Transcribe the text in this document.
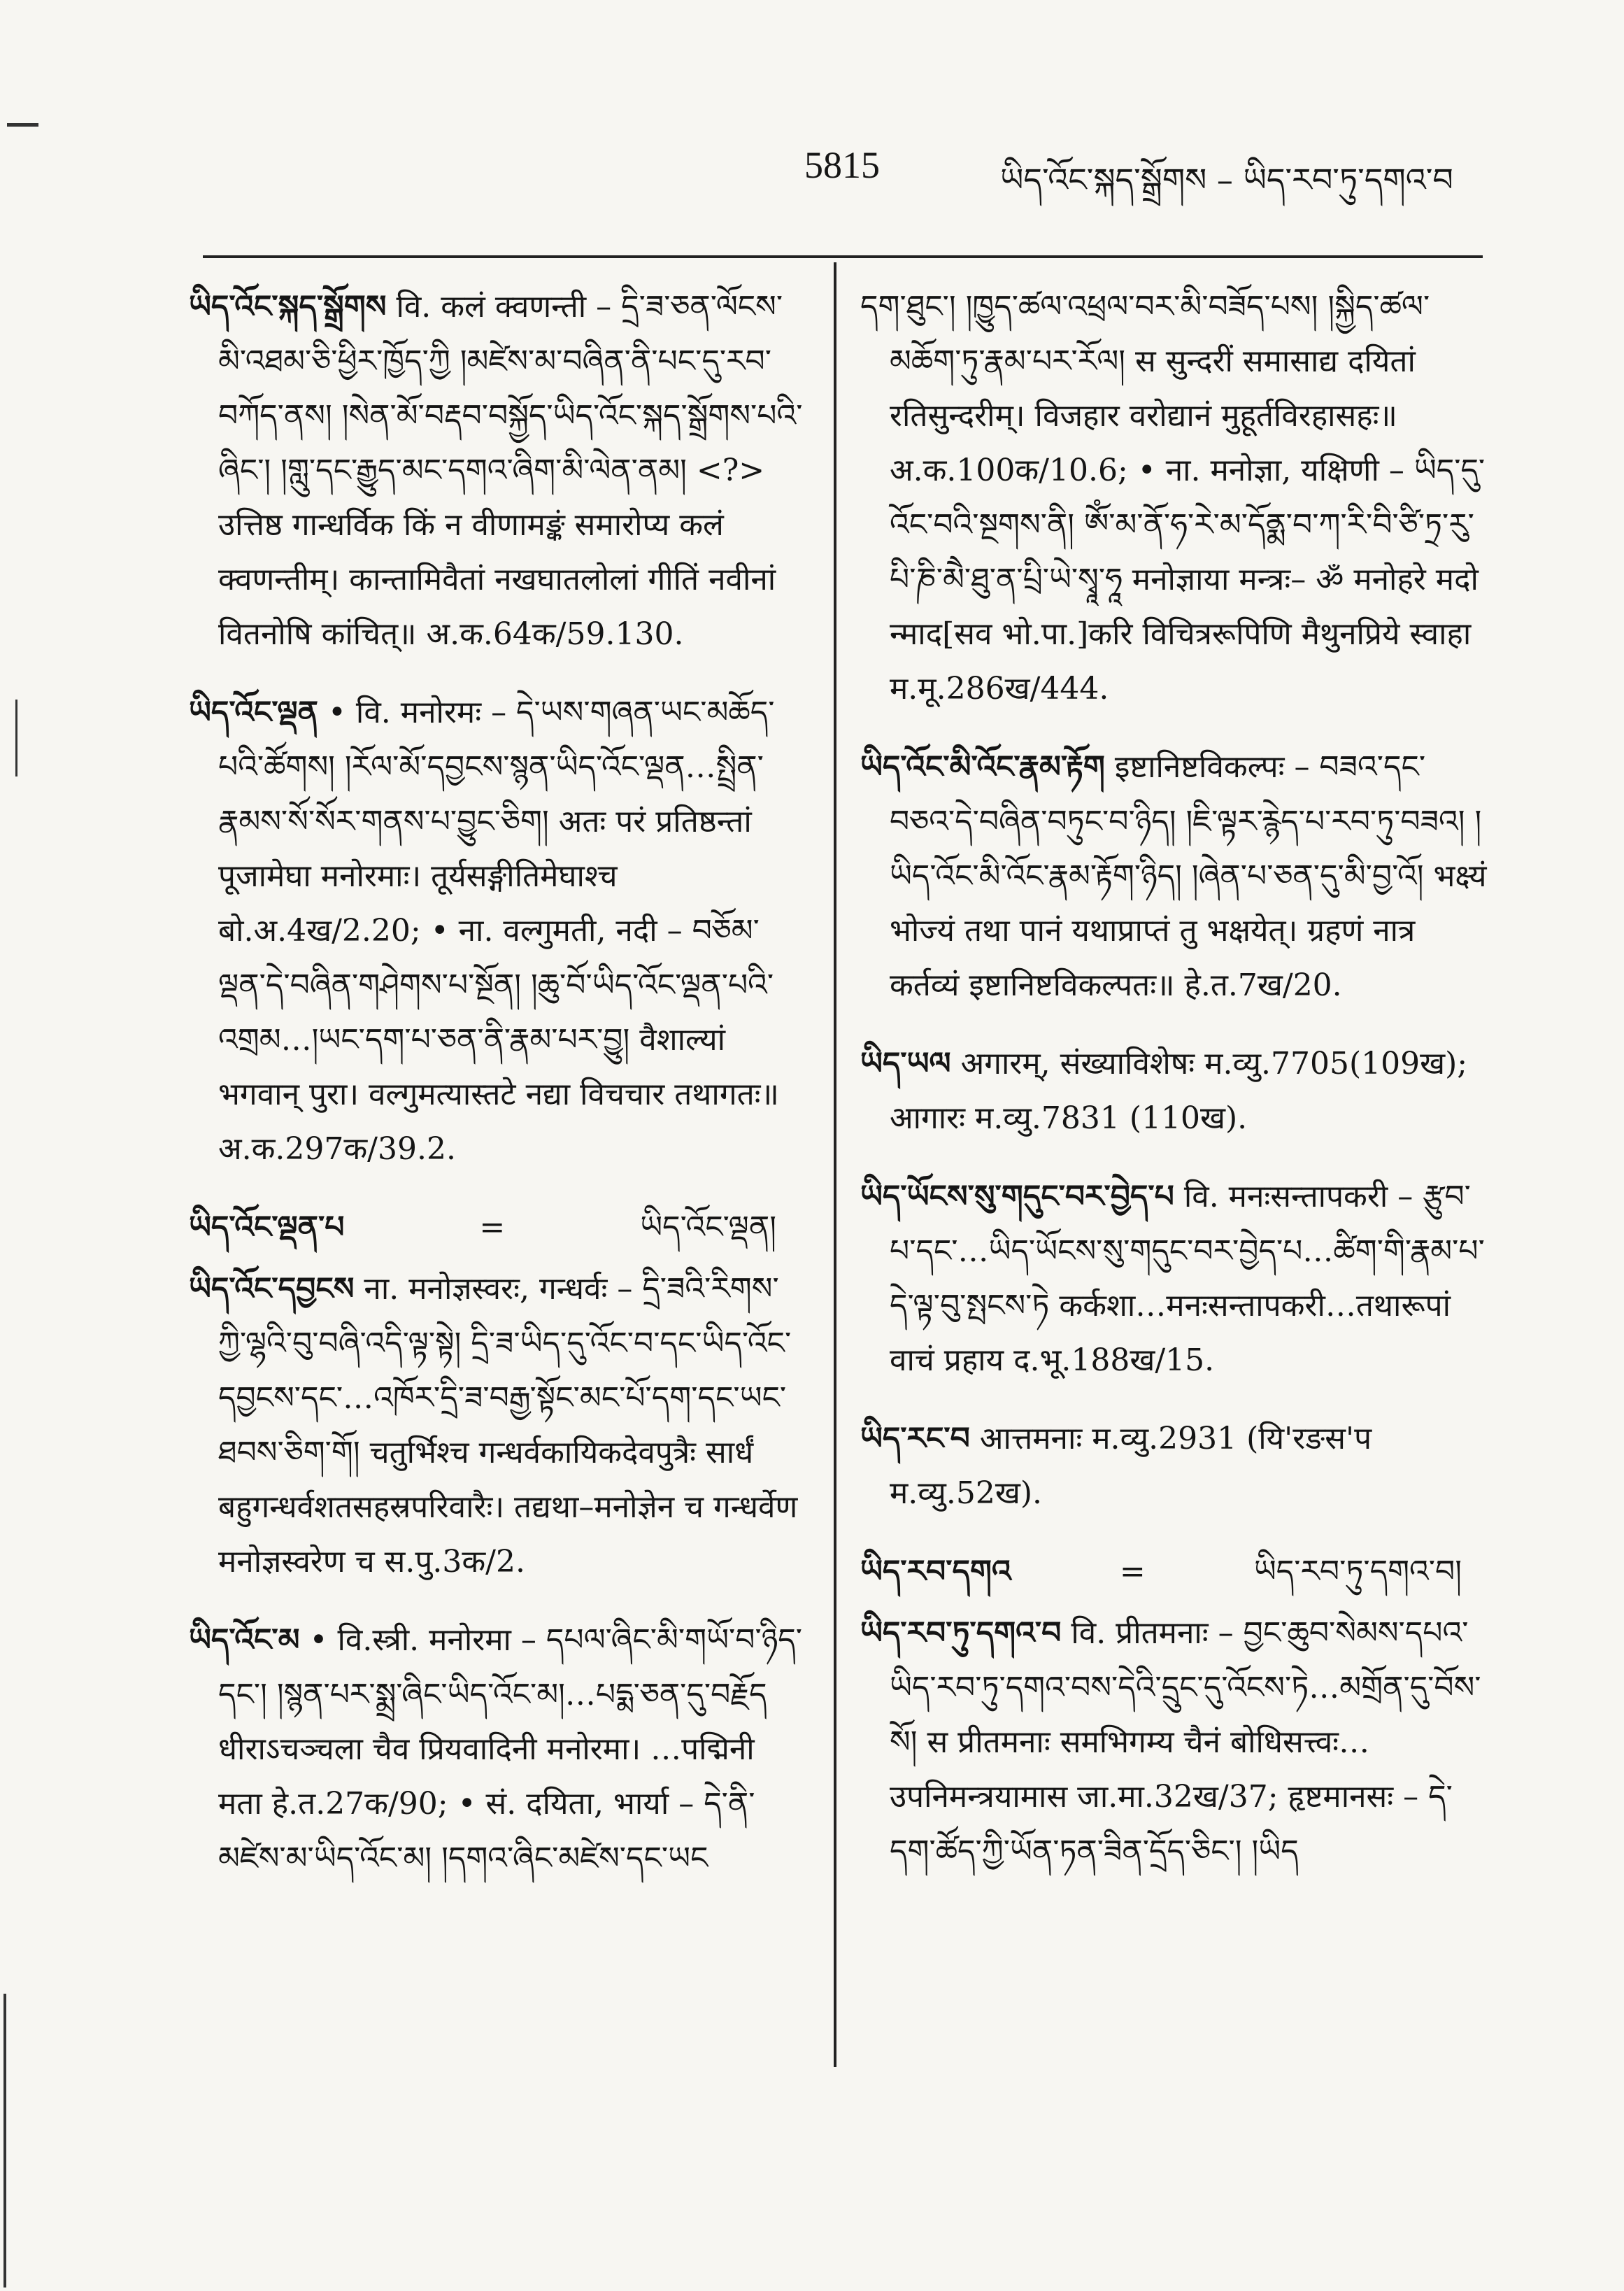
5815	ཡིད་འོང་སྐད་སྒྲོགས – ཡིད་རབ་ཏུ་དགའ་བ

ཡིད་འོང་སྐད་སྒྲོགས वि. कलं क्वणन्ती – དྲི་ཟ་ཅན་ལོངས་མི་འཐམ་ཅི་ཕྱིར་ཁྱོད་ཀྱི །མཛེས་མ་བཞིན་ནི་པང་དུ་རབ་བཀོད་ནས། །སེན་མོ་བརྡབ་བསྐྱོད་ཡིད་འོང་སྐད་སྒྲོགས་པའི་ཞིང་། །གླུ་དང་རྒྱུད་མང་དགའ་ཞིག་མི་ལེན་ནམ། <?> उत्तिष्ठ गान्धर्विक किं न वीणामङ्कं समारोप्य कलं क्वणन्तीम्। कान्तामिवैतां नखघातलोलां गीतिं नवीनां वितनोषि कांचित्॥ अ.क.64क/59.130.

ཡིད་འོང་ལྡན • वि. मनोरमः – དེ་ཡས་གཞན་ཡང་མཆོད་པའི་ཚོགས། །རོལ་མོ་དབྱངས་སྙན་ཡིད་འོང་ལྡན…སྤྲིན་རྣམས་སོ་སོར་གནས་པ་བྱུང་ཅིག། अतः परं प्रतिष्ठन्तां पूजामेघा मनोरमाः। तूर्यसङ्गीतिमेघाश्च बो.अ.4ख/2.20; • ना. वल्गुमती, नदी – བཅོམ་ལྡན་དེ་བཞིན་གཤེགས་པ་སྔོན། །ཆུ་བོ་ཡིད་འོང་ལྡན་པའི་འགྲམ…།ཡང་དག་པ་ཅན་ནི་རྣམ་པར་བྱུ། वैशाल्यां भगवान् पुरा। वल्गुमत्यास्तटे नद्या विचचार तथागतः॥ अ.क.297क/39.2.

ཡིད་འོང་ལྡན་པ	=	ཡིད་འོང་ལྡན།

ཡིད་འོང་དབྱངས ना. मनोज्ञस्वरः, गन्धर्वः – དྲི་ཟའི་རིགས་ཀྱི་ལྷའི་བུ་བཞི་འདི་ལྟ་སྟེ། དྲི་ཟ་ཡིད་དུ་འོང་བ་དང་ཡིད་འོང་དབྱངས་དང་…འཁོར་དྲི་ཟ་བརྒྱ་སྟོང་མང་པོ་དག་དང་ཡང་ཐབས་ཅིག་གོ། चतुर्भिश्च गन्धर्वकायिकदेवपुत्रैः सार्धं बहुगन्धर्वशतसहस्रपरिवारैः। तद्यथा–मनोज्ञेन च गन्धर्वेण मनोज्ञस्वरेण च स.पु.3क/2.

ཡིད་འོང་མ • वि.स्त्री. मनोरमा – དཔལ་ཞིང་མི་གཡོ་བ་ཉིད་དང་། །སྙན་པར་སྨྲ་ཞིང་ཡིད་འོང་མ།…པདྨ་ཅན་དུ་བརྗོད धीराऽचञ्चला चैव प्रियवादिनी मनोरमा। …पद्मिनी मता हे.त.27क/90; • सं. दयिता, भार्या – དེ་ནི་མཛེས་མ་ཡིད་འོང་མ། །དགའ་ཞིང་མཛེས་དང་ཡང

དག་ཐུང་། །ཁྱུད་ཚལ་འཕྲལ་བར་མི་བཟོད་པས། །སྐྱིད་ཚལ་མཆོག་ཏུ་རྣམ་པར་རོལ། स सुन्दरीं समासाद्य दयितां रतिसुन्दरीम्। विजहार वरोद्यानं मुहूर्तविरहासहः॥ अ.क.100क/10.6; • ना. मनोज्ञा, यक्षिणी – ཡིད་དུ་འོང་བའི་སྔགས་ནི། ཨོཾ་མ་ནོ་ཧ་རེ་མ་དོནྨ་བ་ཀ་རི་བི་ཙི་ཏྲ་རུ་པི་ཎི་མཻ་ཐུ་ན་པྲི་ཡེ་སྭཱ་ཧཱ मनोज्ञाया मन्त्रः– ॐ मनोहरे मदो न्माद[सव भो.पा.]करि विचित्ररूपिणि मैथुनप्रिये स्वाहा म.मू.286ख/444.

ཡིད་འོང་མི་འོང་རྣམ་རྟོག इष्टानिष्टविकल्पः – བཟའ་དང་བཅའ་དེ་བཞིན་བཏུང་བ་ཉིད། །ཇི་ལྟར་རྙེད་པ་རབ་ཏུ་བཟའ། །ཡིད་འོང་མི་འོང་རྣམ་རྟོག་ཉིད། །ཞེན་པ་ཅན་དུ་མི་བྱ་འོ། भक्ष्यं भोज्यं तथा पानं यथाप्राप्तं तु भक्षयेत्। ग्रहणं नात्र कर्तव्यं इष्टानिष्टविकल्पतः॥ हे.त.7ख/20.

ཡིད་ཡལ अगारम्, संख्याविशेषः म.व्यु.7705(109ख); आगारः म.व्यु.7831 (110ख).

ཡིད་ཡོངས་སུ་གདུང་བར་བྱེད་པ वि. मनःसन्तापकरी – རྩུབ་པ་དང་…ཡིད་ཡོངས་སུ་གདུང་བར་བྱེད་པ…ཚིག་གི་རྣམ་པ་དེ་ལྟ་བུ་སྤངས་ཏེ कर्कशा…मनःसन्तापकरी…तथारूपां वाचं प्रहाय द.भू.188ख/15.

ཡིད་རང་བ आत्तमनाः म.व्यु.2931 (यि'रङस'प म.व्यु.52ख).

ཡིད་རབ་དགའ	=	ཡིད་རབ་ཏུ་དགའ་བ།

ཡིད་རབ་ཏུ་དགའ་བ वि. प्रीतमनाः – བྱང་ཆུབ་སེམས་དཔའ་ཡིད་རབ་ཏུ་དགའ་བས་དེའི་དྲུང་དུ་འོངས་ཏེ…མགྲོན་དུ་བོས་སོ། स प्रीतमनाः समभिगम्य चैनं बोधिसत्त्वः…उपनिमन्त्रयामास जा.मा.32ख/37; हृष्टमानसः – དེ་དག་ཚོད་ཀྱི་ཡོན་ཏན་ཟིན་དྲོད་ཅིང་། །ཡིད
